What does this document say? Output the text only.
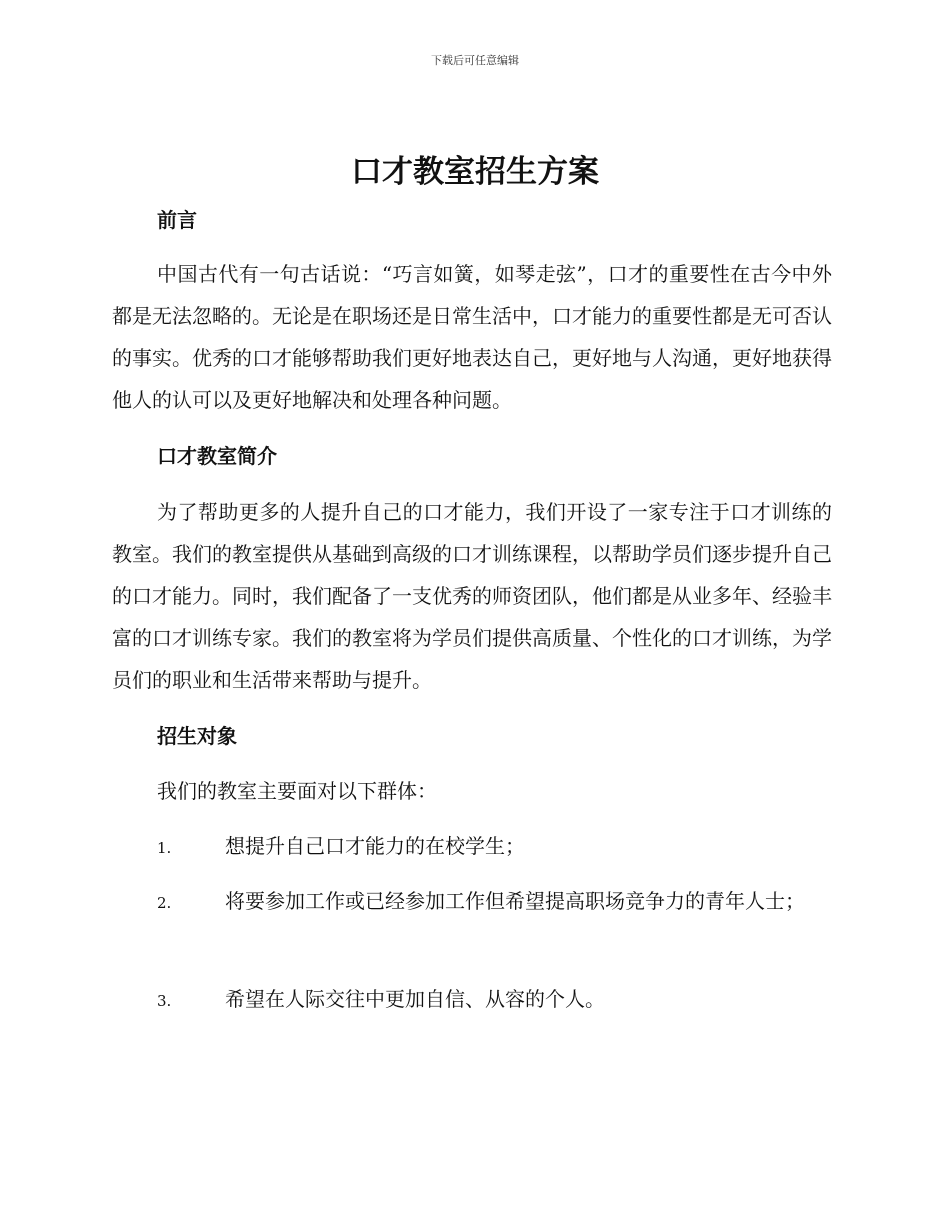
下载后可任意编辑
口才教室招生方案
前言

中国古代有一句古话说：“巧言如簧，如琴走弦”，口才的重要性在古今中外都是无法忽略的。无论是在职场还是日常生活中，口才能力的重要性都是无可否认的事实。优秀的口才能够帮助我们更好地表达自己，更好地与人沟通，更好地获得他人的认可以及更好地解决和处理各种问题。

口才教室简介

为了帮助更多的人提升自己的口才能力，我们开设了一家专注于口才训练的教室。我们的教室提供从基础到高级的口才训练课程，以帮助学员们逐步提升自己的口才能力。同时，我们配备了一支优秀的师资团队，他们都是从业多年、经验丰富的口才训练专家。我们的教室将为学员们提供高质量、个性化的口才训练，为学员们的职业和生活带来帮助与提升。

招生对象

我们的教室主要面对以下群体：

1.	想提升自己口才能力的在校学生；
2.	将要参加工作或已经参加工作但希望提高职场竞争力的青年人士；
3.	希望在人际交往中更加自信、从容的个人。
